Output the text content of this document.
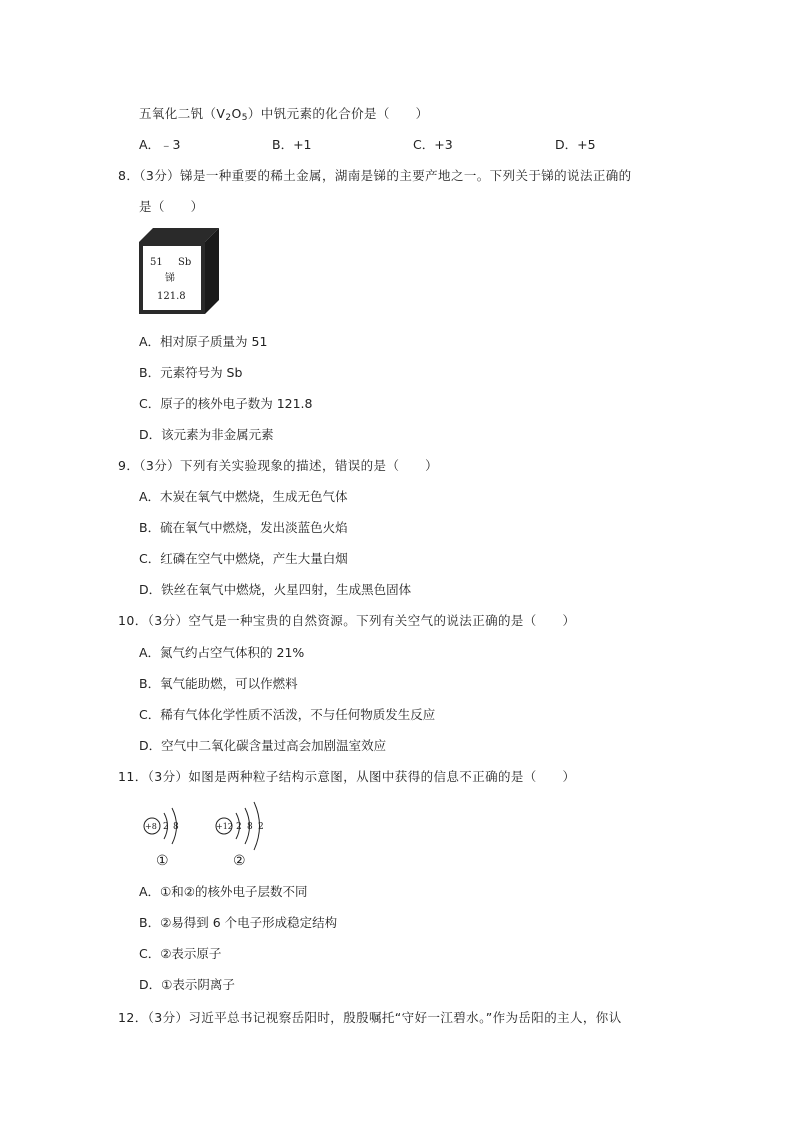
五氧化二钒$(V_2O_5)$中钒元素的化合价是（　　）
A．﹣3	B．+1	C．+3	D．+5
8．（3分）锑是一种重要的稀土金属，湖南是锑的主要产地之一。下列关于锑的说法正确的
是（　　）
51 Sb
锑
121.8
A．相对原子质量为 51
B．元素符号为 Sb
C．原子的核外电子数为 121.8
D．该元素为非金属元素
9．（3分）下列有关实验现象的描述，错误的是（　　）
A．木炭在氧气中燃烧，生成无色气体
B．硫在氧气中燃烧，发出淡蓝色火焰
C．红磷在空气中燃烧，产生大量白烟
D．铁丝在氧气中燃烧，火星四射，生成黑色固体
10．（3分）空气是一种宝贵的自然资源。下列有关空气的说法正确的是（　　）
A．氮气约占空气体积的 21%
B．氧气能助燃，可以作燃料
C．稀有气体化学性质不活泼，不与任何物质发生反应
D．空气中二氧化碳含量过高会加剧温室效应
11．（3分）如图是两种粒子结构示意图，从图中获得的信息不正确的是（　　）
+8 2 8
①
+12 2 8 2
②
A．①和②的核外电子层数不同
B．②易得到 6 个电子形成稳定结构
C．②表示原子
D．①表示阴离子
12．（3分）习近平总书记视察岳阳时，殷殷嘱托“守好一江碧水。”作为岳阳的主人，你认
